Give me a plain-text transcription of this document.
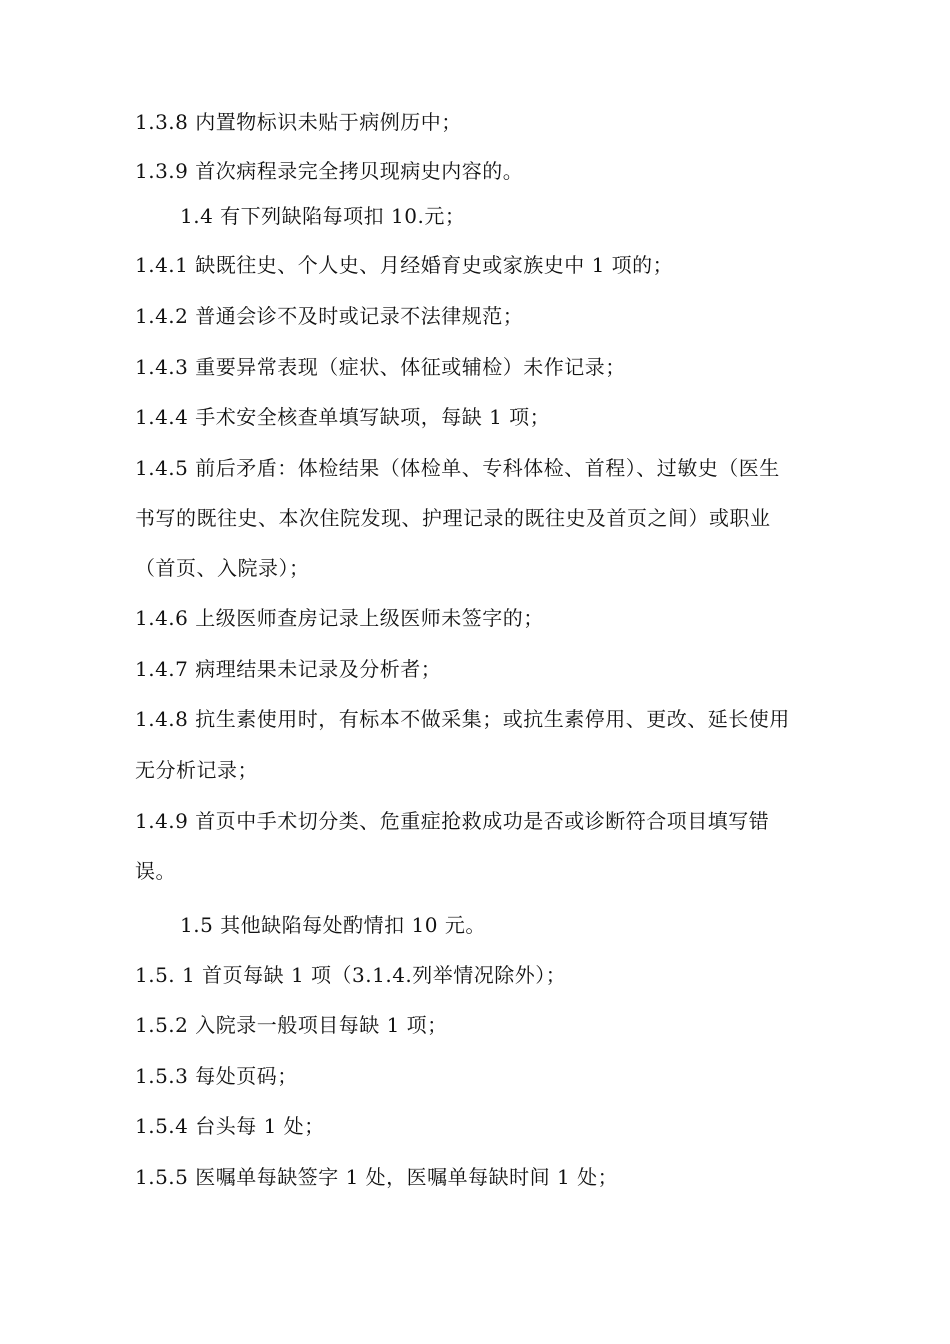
1.3.8 内置物标识未贴于病例历中；
1.3.9 首次病程录完全拷贝现病史内容的。
1.4 有下列缺陷每项扣 10.元；
1.4.1 缺既往史、个人史、月经婚育史或家族史中 1 项的；
1.4.2 普通会诊不及时或记录不法律规范；
1.4.3 重要异常表现（症状、体征或辅检）未作记录；
1.4.4 手术安全核查单填写缺项，每缺 1 项；
1.4.5 前后矛盾：体检结果（体检单、专科体检、首程）、过敏史（医生
书写的既往史、本次住院发现、护理记录的既往史及首页之间）或职业
（首页、入院录）；
1.4.6 上级医师查房记录上级医师未签字的；
1.4.7 病理结果未记录及分析者；
1.4.8 抗生素使用时，有标本不做采集；或抗生素停用、更改、延长使用
无分析记录；
1.4.9 首页中手术切分类、危重症抢救成功是否或诊断符合项目填写错
误。
1.5 其他缺陷每处酌情扣 10 元。
1.5. 1 首页每缺 1 项（3.1.4.列举情况除外）；
1.5.2 入院录一般项目每缺 1 项；
1.5.3 每处页码；
1.5.4 台头每 1 处；
1.5.5 医嘱单每缺签字 1 处，医嘱单每缺时间 1 处；
